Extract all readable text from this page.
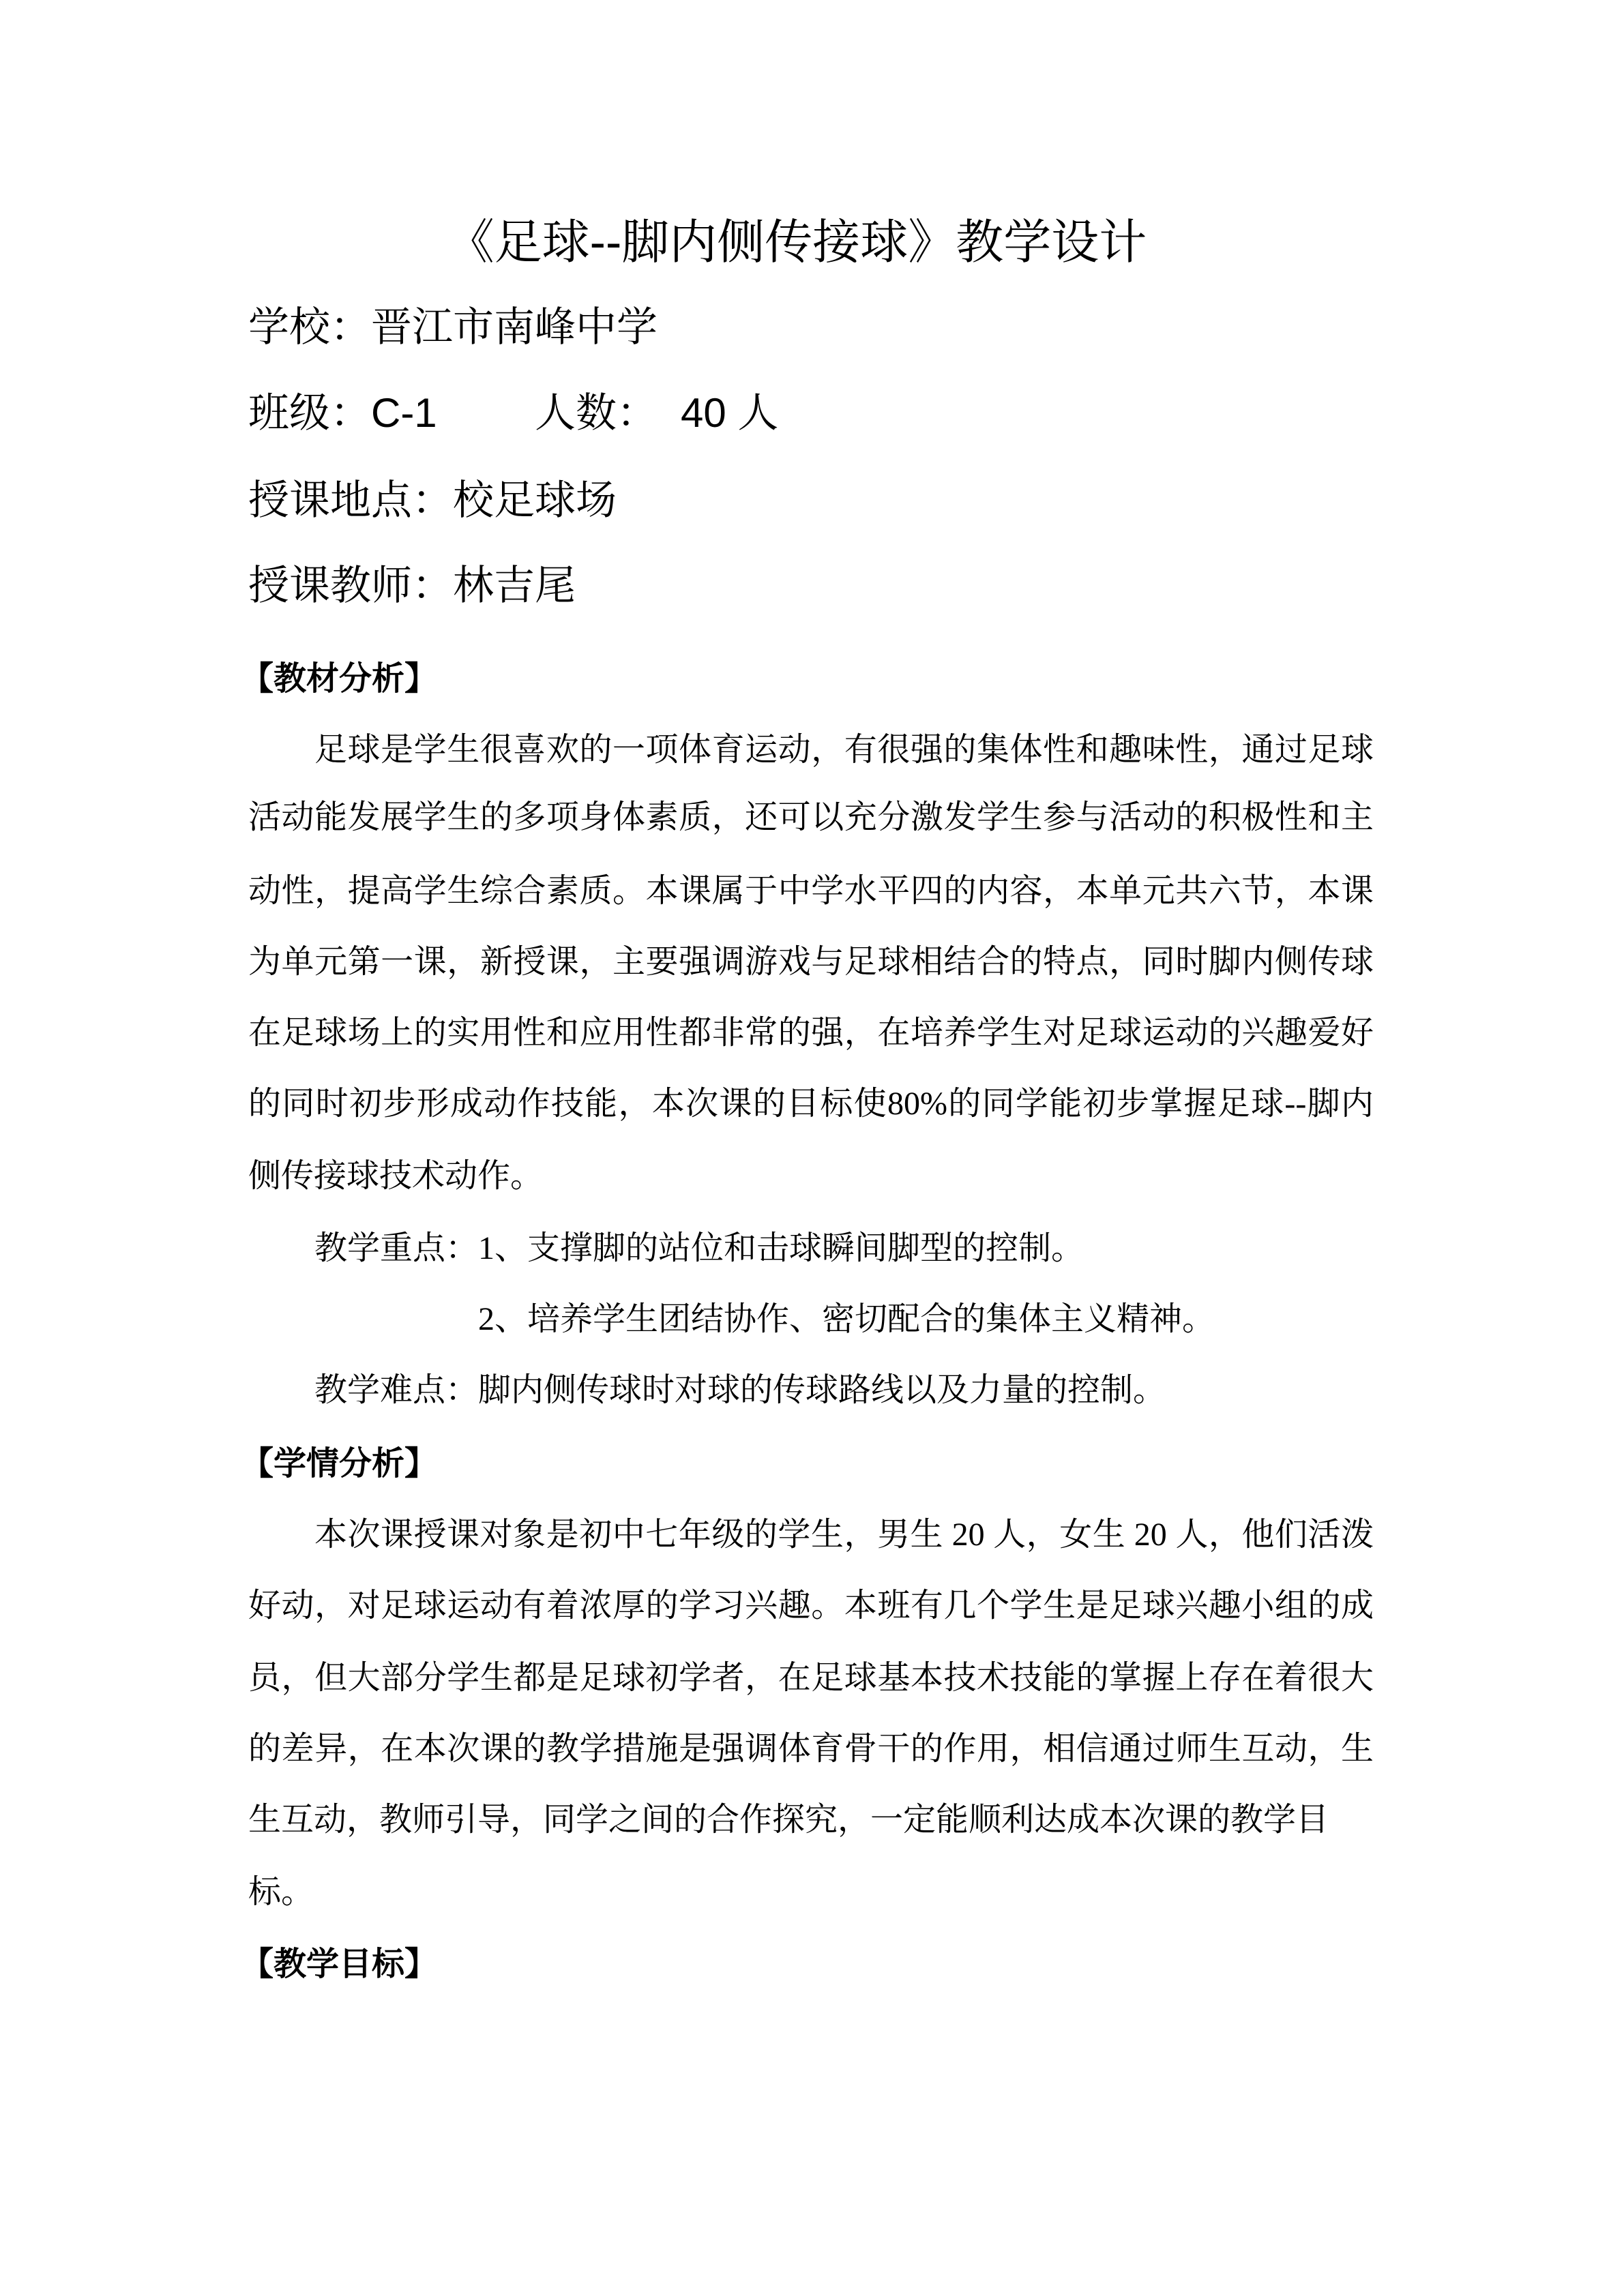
《足球--脚内侧传接球》教学设计
学校：晋江市南峰中学
班级：C-1 人数： 40 人
授课地点：校足球场
授课教师：林吉尾
【教材分析】
足球是学生很喜欢的一项体育运动，有很强的集体性和趣味性，通过足球
活动能发展学生的多项身体素质，还可以充分激发学生参与活动的积极性和主
动性，提高学生综合素质。本课属于中学水平四的内容，本单元共六节，本课
为单元第一课，新授课，主要强调游戏与足球相结合的特点，同时脚内侧传球
在足球场上的实用性和应用性都非常的强，在培养学生对足球运动的兴趣爱好
的同时初步形成动作技能，本次课的目标使80%的同学能初步掌握足球--脚内
侧传接球技术动作。
教学重点：1、支撑脚的站位和击球瞬间脚型的控制。
2、培养学生团结协作、密切配合的集体主义精神。
教学难点：脚内侧传球时对球的传球路线以及力量的控制。
【学情分析】
本次课授课对象是初中七年级的学生，男生 20 人，女生 20 人，他们活泼
好动，对足球运动有着浓厚的学习兴趣。本班有几个学生是足球兴趣小组的成
员，但大部分学生都是足球初学者，在足球基本技术技能的掌握上存在着很大
的差异，在本次课的教学措施是强调体育骨干的作用，相信通过师生互动，生
生互动，教师引导，同学之间的合作探究，一定能顺利达成本次课的教学目
标。
【教学目标】
